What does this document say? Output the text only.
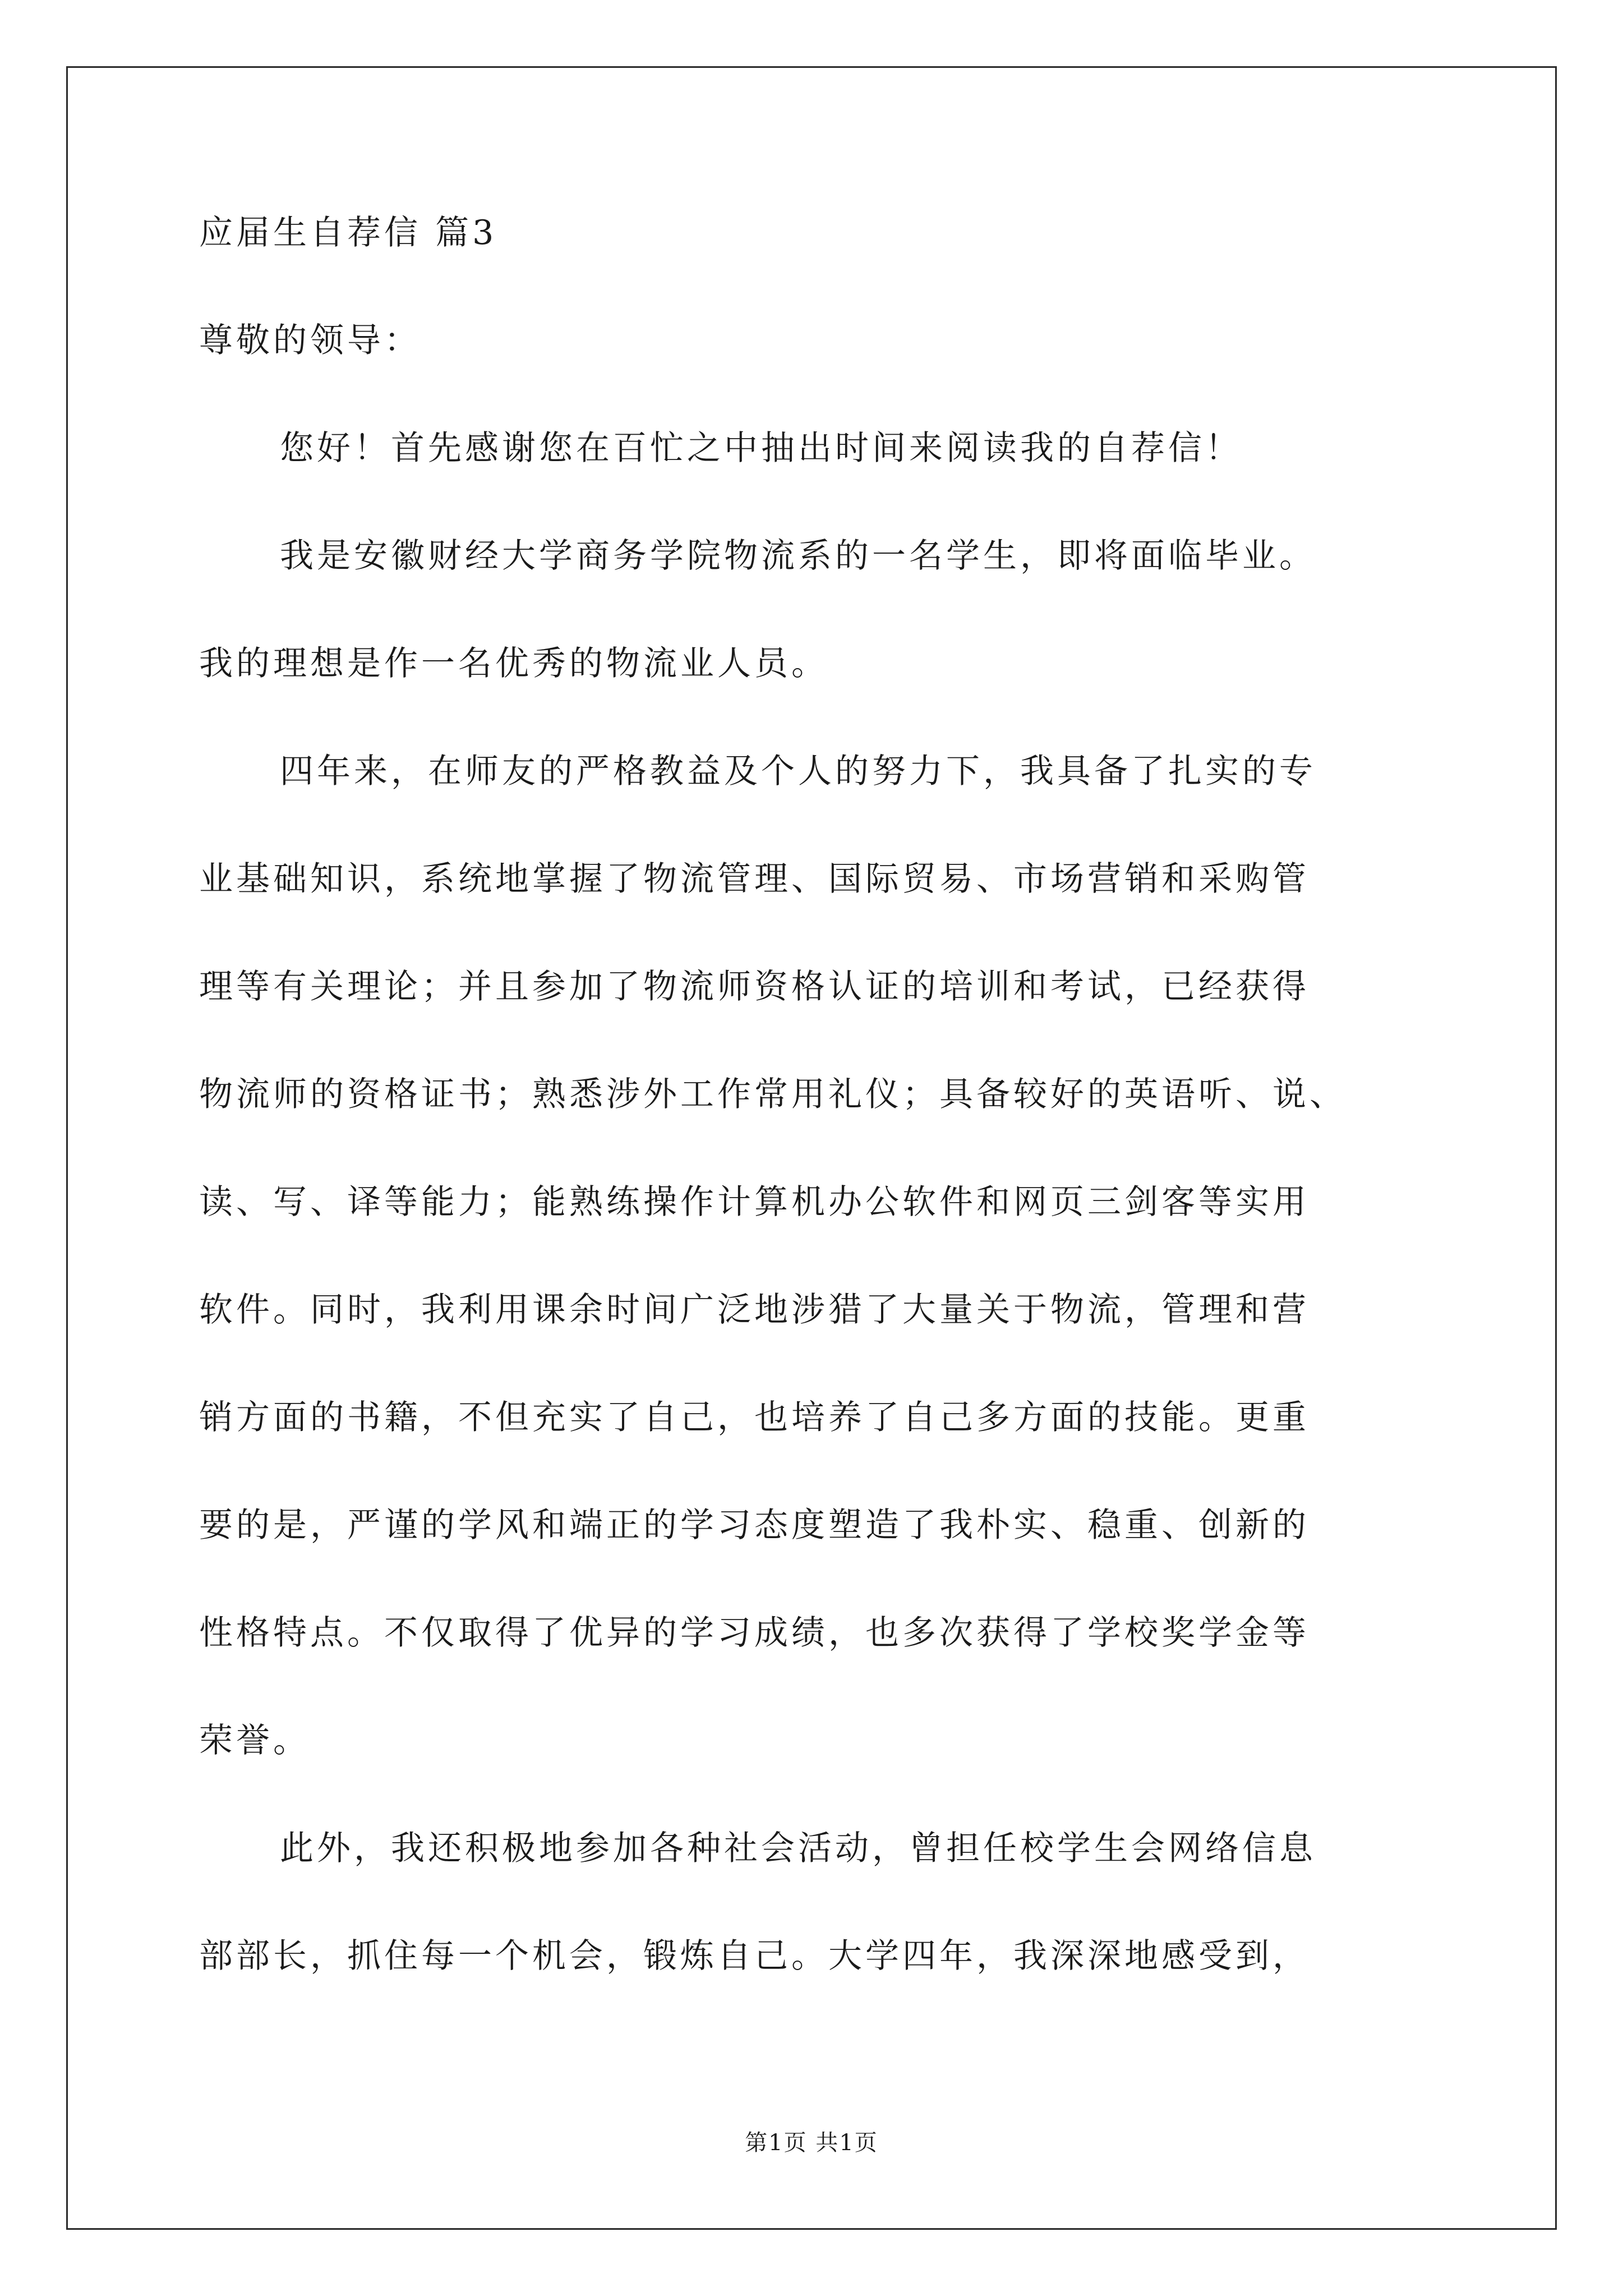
应届生自荐信 篇3
尊敬的领导：
您好！首先感谢您在百忙之中抽出时间来阅读我的自荐信！
我是安徽财经大学商务学院物流系的一名学生，即将面临毕业。
我的理想是作一名优秀的物流业人员。
四年来，在师友的严格教益及个人的努力下，我具备了扎实的专
业基础知识，系统地掌握了物流管理、国际贸易、市场营销和采购管
理等有关理论；并且参加了物流师资格认证的培训和考试，已经获得
物流师的资格证书；熟悉涉外工作常用礼仪；具备较好的英语听、说、
读、写、译等能力；能熟练操作计算机办公软件和网页三剑客等实用
软件。同时，我利用课余时间广泛地涉猎了大量关于物流，管理和营
销方面的书籍，不但充实了自己，也培养了自己多方面的技能。更重
要的是，严谨的学风和端正的学习态度塑造了我朴实、稳重、创新的
性格特点。不仅取得了优异的学习成绩，也多次获得了学校奖学金等
荣誉。
此外，我还积极地参加各种社会活动，曾担任校学生会网络信息
部部长，抓住每一个机会，锻炼自己。大学四年，我深深地感受到，
第1页 共1页
